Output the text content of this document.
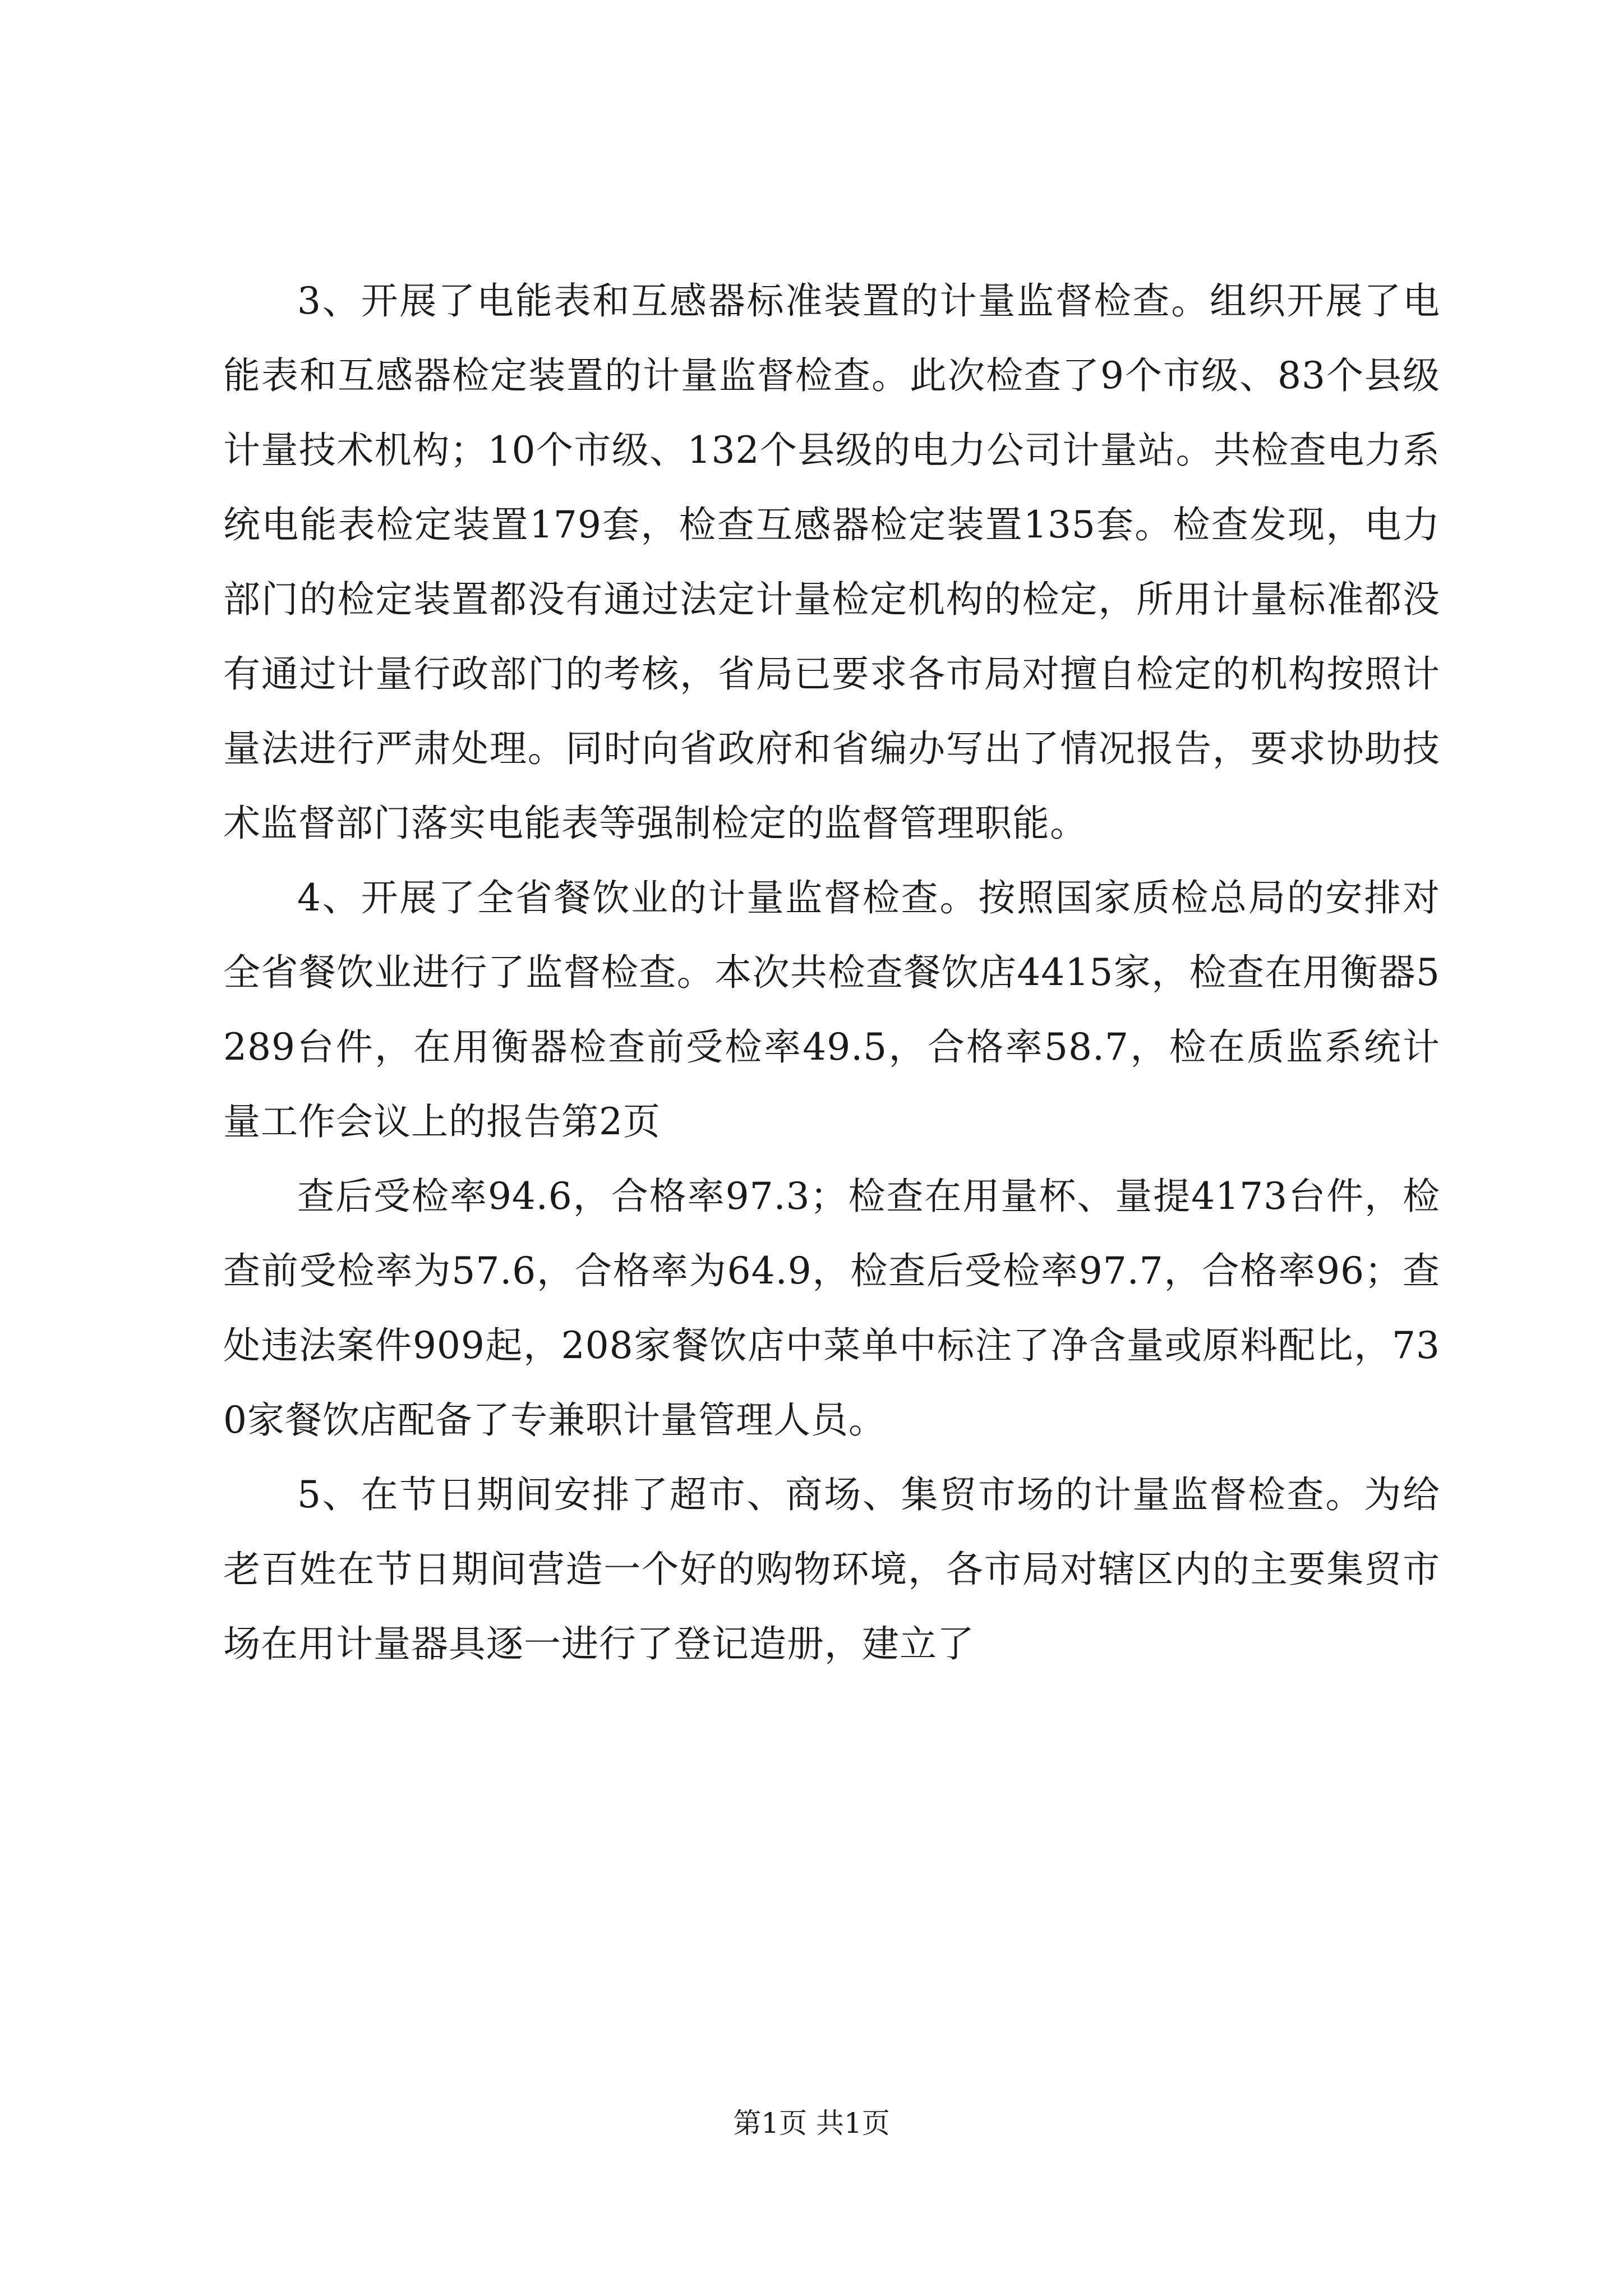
3、开展了电能表和互感器标准装置的计量监督检查。组织开展了电能表和互感器检定装置的计量监督检查。此次检查了9个市级、83个县级计量技术机构；10个市级、132个县级的电力公司计量站。共检查电力系统电能表检定装置179套，检查互感器检定装置135套。检查发现，电力部门的检定装置都没有通过法定计量检定机构的检定，所用计量标准都没有通过计量行政部门的考核，省局已要求各市局对擅自检定的机构按照计量法进行严肃处理。同时向省政府和省编办写出了情况报告，要求协助技术监督部门落实电能表等强制检定的监督管理职能。

4、开展了全省餐饮业的计量监督检查。按照国家质检总局的安排对全省餐饮业进行了监督检查。本次共检查餐饮店4415家，检查在用衡器5289台件，在用衡器检查前受检率49.5，合格率58.7，检在质监系统计量工作会议上的报告第2页

查后受检率94.6，合格率97.3；检查在用量杯、量提4173台件，检查前受检率为57.6，合格率为64.9，检查后受检率97.7，合格率96；查处违法案件909起，208家餐饮店中菜单中标注了净含量或原料配比，730家餐饮店配备了专兼职计量管理人员。

5、在节日期间安排了超市、商场、集贸市场的计量监督检查。为给老百姓在节日期间营造一个好的购物环境，各市局对辖区内的主要集贸市场在用计量器具逐一进行了登记造册，建立了

第1页 共1页
